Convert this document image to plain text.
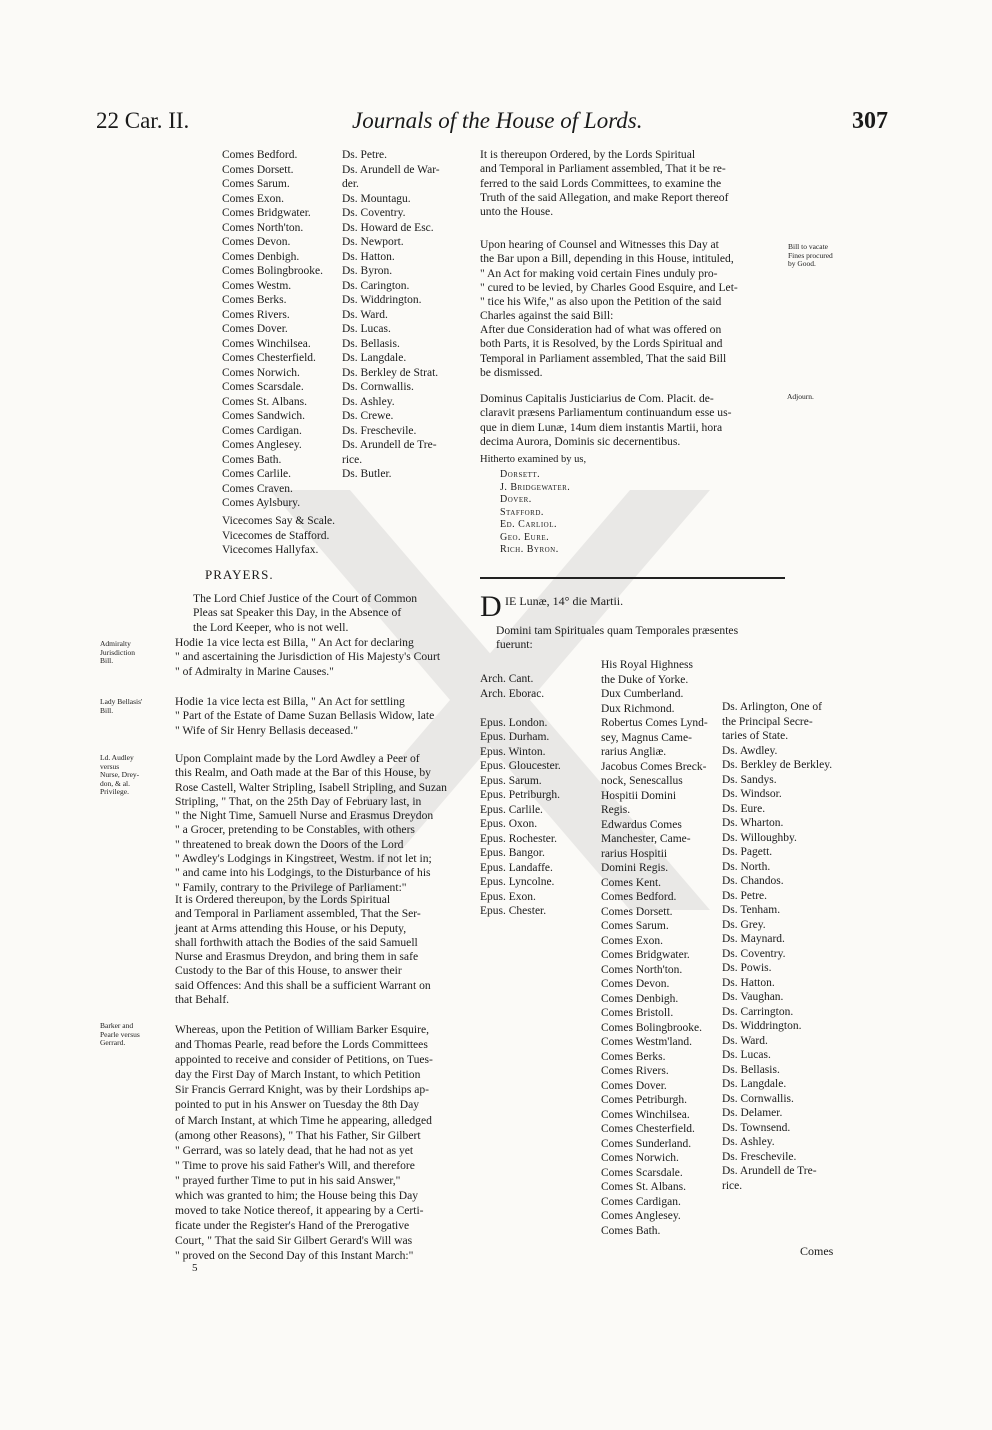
22 Car. II.	Journals of the House of Lords.	307
Comes Bedford.
Comes Dorsett.
Comes Sarum.
Comes Exon.
Comes Bridgwater.
Comes North'ton.
Comes Devon.
Comes Denbigh.
Comes Bolingbrooke.
Comes Westm.
Comes Berks.
Comes Rivers.
Comes Dover.
Comes Winchilsea.
Comes Chesterfield.
Comes Norwich.
Comes Scarsdale.
Comes St. Albans.
Comes Sandwich.
Comes Cardigan.
Comes Anglesey.
Comes Bath.
Comes Carlile.
Comes Craven.
Comes Aylsbury.
Ds. Petre.
Ds. Arundell de War-
der.
Ds. Mountagu.
Ds. Coventry.
Ds. Howard de Esc.
Ds. Newport.
Ds. Hatton.
Ds. Byron.
Ds. Carington.
Ds. Widdrington.
Ds. Ward.
Ds. Lucas.
Ds. Bellasis.
Ds. Langdale.
Ds. Berkley de Strat.
Ds. Cornwallis.
Ds. Ashley.
Ds. Crewe.
Ds. Freschevile.
Ds. Arundell de Tre-
rice.
Ds. Butler.
Vicecomes Say & Scale.
Vicecomes de Stafford.
Vicecomes Hallyfax.
PRAYERS.
The Lord Chief Justice of the Court of Common
Pleas sat Speaker this Day, in the Absence of
the Lord Keeper, who is not well.
Admiralty
Jurisdiction
Bill.
Lady Bellasis'
Bill.
Ld. Audley
versus
Nurse, Drey-
don, & al.
Privilege.
Barker and
Pearle versus
Gerrard.
Hodie 1a vice lecta est Billa, " An Act for declaring
" and ascertaining the Jurisdiction of His Majesty's Court
" of Admiralty in Marine Causes."
Hodie 1a vice lecta est Billa, " An Act for settling
" Part of the Estate of Dame Suzan Bellasis Widow, late
" Wife of Sir Henry Bellasis deceased."
Upon Complaint made by the Lord Awdley a Peer of
this Realm, and Oath made at the Bar of this House, by
Rose Castell, Walter Stripling, Isabell Stripling, and Suzan
Stripling, " That, on the 25th Day of February last, in
" the Night Time, Samuell Nurse and Erasmus Dreydon
" a Grocer, pretending to be Constables, with others
" threatened to break down the Doors of the Lord
" Awdley's Lodgings in Kingstreet, Westm. if not let in;
" and came into his Lodgings, to the Disturbance of his
" Family, contrary to the Privilege of Parliament:"
It is Ordered thereupon, by the Lords Spiritual
and Temporal in Parliament assembled, That the Ser-
jeant at Arms attending this House, or his Deputy,
shall forthwith attach the Bodies of the said Samuell
Nurse and Erasmus Dreydon, and bring them in safe
Custody to the Bar of this House, to answer their
said Offences: And this shall be a sufficient Warrant on
that Behalf.
Whereas, upon the Petition of William Barker Esquire,
and Thomas Pearle, read before the Lords Committees
appointed to receive and consider of Petitions, on Tues-
day the First Day of March Instant, to which Petition
Sir Francis Gerrard Knight, was by their Lordships ap-
pointed to put in his Answer on Tuesday the 8th Day
of March Instant, at which Time he appearing, alledged
(among other Reasons), " That his Father, Sir Gilbert
" Gerrard, was so lately dead, that he had not as yet
" Time to prove his said Father's Will, and therefore
" prayed further Time to put in his said Answer,"
which was granted to him; the House being this Day
moved to take Notice thereof, it appearing by a Certi-
ficate under the Register's Hand of the Prerogative
Court, " That the said Sir Gilbert Gerard's Will was
" proved on the Second Day of this Instant March:"
5
It is thereupon Ordered, by the Lords Spiritual
and Temporal in Parliament assembled, That it be re-
ferred to the said Lords Committees, to examine the
Truth of the said Allegation, and make Report thereof
unto the House.
Upon hearing of Counsel and Witnesses this Day at
the Bar upon a Bill, depending in this House, intituled,
" An Act for making void certain Fines unduly pro-
" cured to be levied, by Charles Good Esquire, and Let-
" tice his Wife," as also upon the Petition of the said
Charles against the said Bill:
After due Consideration had of what was offered on
both Parts, it is Resolved, by the Lords Spiritual and
Temporal in Parliament assembled, That the said Bill
be dismissed.
Dominus Capitalis Justiciarius de Com. Placit. de-
claravit præsens Parliamentum continuandum esse us-
que in diem Lunæ, 14um diem instantis Martii, hora
decima Aurora, Dominis sic decernentibus.
Bill to vacate
Fines procured
by Good.
Adjourn.
Hitherto examined by us,
Dorsett.
J. Bridgewater.
Dover.
Stafford.
Ed. Carliol.
Geo. Eure.
Rich. Byron.
D IE Lunæ, 14° die Martii.
Domini tam Spirituales quam Temporales præsentes
fuerunt:
Arch. Cant.
Arch. Eborac.

Epus. London.
Epus. Durham.
Epus. Winton.
Epus. Gloucester.
Epus. Sarum.
Epus. Petriburgh.
Epus. Carlile.
Epus. Oxon.
Epus. Rochester.
Epus. Bangor.
Epus. Landaffe.
Epus. Lyncolne.
Epus. Exon.
Epus. Chester.
His Royal Highness
the Duke of Yorke.
Dux Cumberland.
Dux Richmond.
Robertus Comes Lynd-
sey, Magnus Came-
rarius Angliæ.
Jacobus Comes Breck-
nock, Senescallus
Hospitii Domini
Regis.
Edwardus Comes
Manchester, Came-
rarius Hospitii
Domini Regis.
Comes Kent.
Comes Bedford.
Comes Dorsett.
Comes Sarum.
Comes Exon.
Comes Bridgwater.
Comes North'ton.
Comes Devon.
Comes Denbigh.
Comes Bristoll.
Comes Bolingbrooke.
Comes Westm'land.
Comes Berks.
Comes Rivers.
Comes Dover.
Comes Petriburgh.
Comes Winchilsea.
Comes Chesterfield.
Comes Sunderland.
Comes Norwich.
Comes Scarsdale.
Comes St. Albans.
Comes Cardigan.
Comes Anglesey.
Comes Bath.
Ds. Arlington, One of
the Principal Secre-
taries of State.
Ds. Awdley.
Ds. Berkley de Berkley.
Ds. Sandys.
Ds. Windsor.
Ds. Eure.
Ds. Wharton.
Ds. Willoughby.
Ds. Pagett.
Ds. North.
Ds. Chandos.
Ds. Petre.
Ds. Tenham.
Ds. Grey.
Ds. Maynard.
Ds. Coventry.
Ds. Powis.
Ds. Hatton.
Ds. Vaughan.
Ds. Carrington.
Ds. Widdrington.
Ds. Ward.
Ds. Lucas.
Ds. Bellasis.
Ds. Langdale.
Ds. Cornwallis.
Ds. Delamer.
Ds. Townsend.
Ds. Ashley.
Ds. Freschevile.
Ds. Arundell de Tre-
rice.
Comes
